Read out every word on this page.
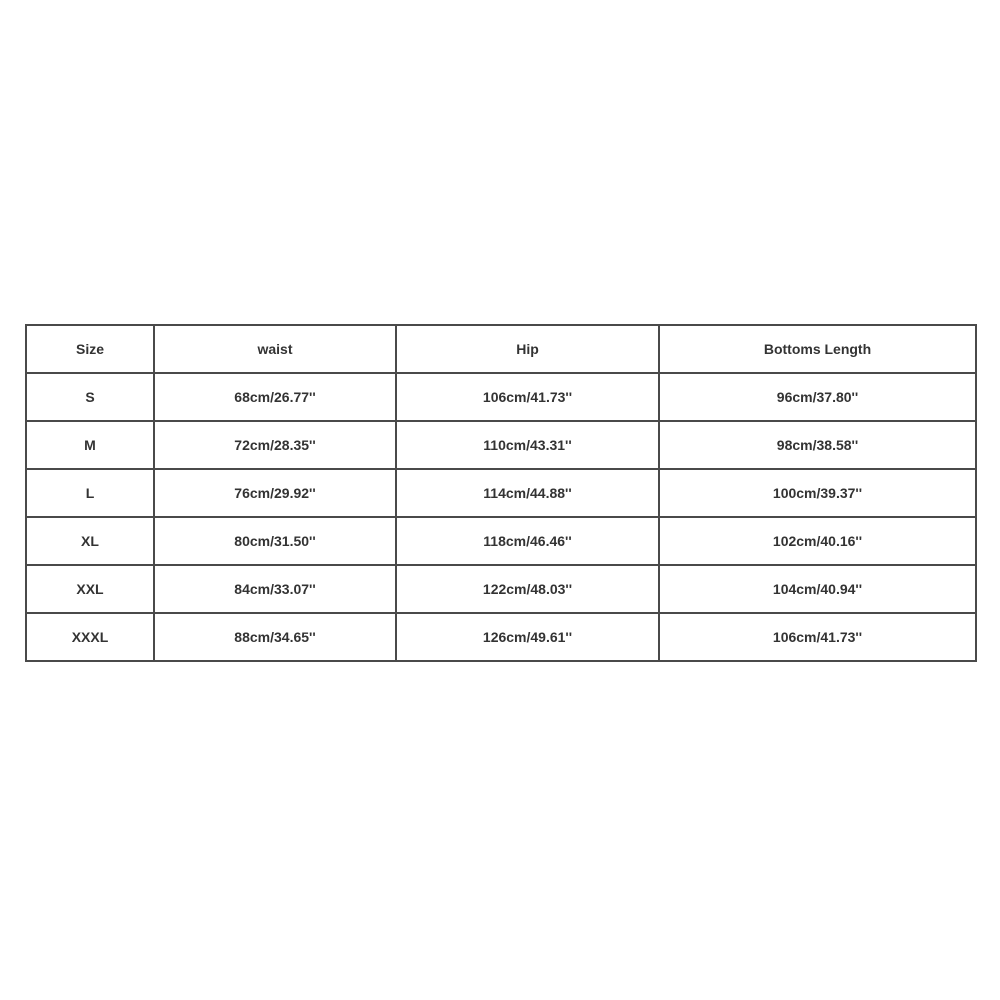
Size	waist	Hip	Bottoms Length
S	68cm/26.77''	106cm/41.73''	96cm/37.80''
M	72cm/28.35''	110cm/43.31''	98cm/38.58''
L	76cm/29.92''	114cm/44.88''	100cm/39.37''
XL	80cm/31.50''	118cm/46.46''	102cm/40.16''
XXL	84cm/33.07''	122cm/48.03''	104cm/40.94''
XXXL	88cm/34.65''	126cm/49.61''	106cm/41.73''
